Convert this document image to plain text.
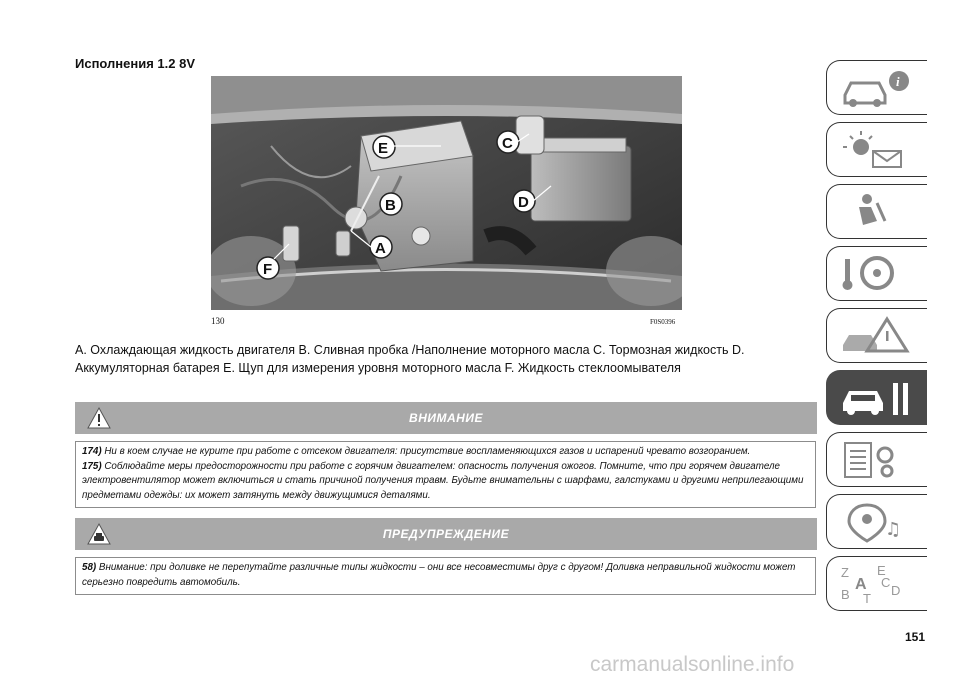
Исполнения 1.2 8V
E	C
B	D
A
F
130	F0S0396
A. Охлаждающая жидкость двигателя B. Сливная пробка /Наполнение моторного масла C. Тормозная жидкость D. Аккумуляторная батарея E. Щуп для измерения уровня моторного масла F. Жидкость стеклоомывателя
ВНИМАНИЕ

174) Ни в коем случае не курите при работе с отсеком двигателя: присутствие воспламеняющихся газов и испарений чревато возгоранием.

175) Соблюдайте меры предосторожности при работе с горячим двигателем: опасность получения ожогов. Помните, что при горячем двигателе электровентилятор может включиться и стать причиной получения травм. Будьте внимательны с шарфами, галстуками и другими неприлегающими предметами одежды: их может затянуть между движущимися деталями.

ПРЕДУПРЕЖДЕНИЕ

58) Внимание: при доливке не перепутайте различные типы жидкости – они все несовместимы друг с другом! Доливка неправильной жидкости может серьезно повредить автомобиль.

i
♫
Z E
A
B	D
T
C
151
carmanualsonline.info
